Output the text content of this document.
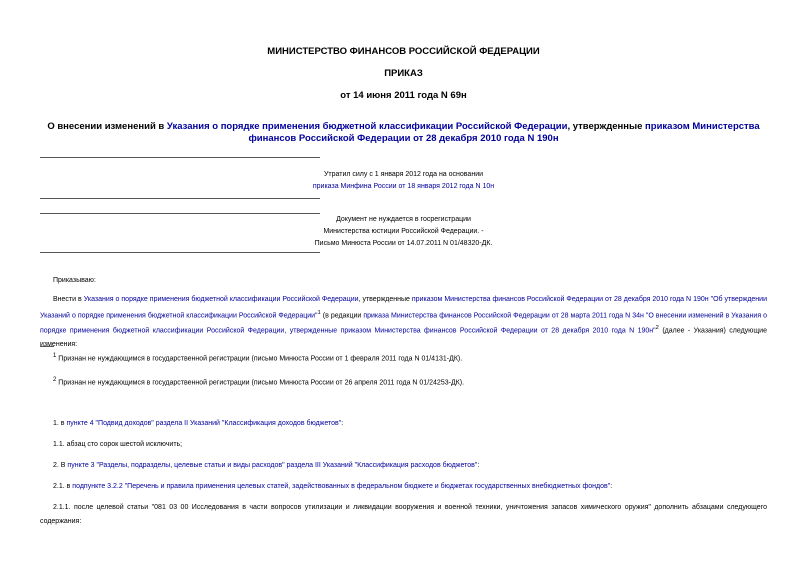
МИНИСТЕРСТВО ФИНАНСОВ РОССИЙСКОЙ ФЕДЕРАЦИИ
ПРИКАЗ
от 14 июня 2011 года N 69н
О внесении изменений в Указания о порядке применения бюджетной классификации Российской Федерации, утвержденные приказом Министерства финансов Российской Федерации от 28 декабря 2010 года N 190н
Утратил силу с 1 января 2012 года на основании
приказа Минфина России от 18 января 2012 года N 10н
Документ не нуждается в госрегистрации
Министерства юстиции Российской Федерации. -
Письмо Минюста России от 14.07.2011 N 01/48320-ДК.
Приказываю:
Внести в Указания о порядке применения бюджетной классификации Российской Федерации, утвержденные приказом Министерства финансов Российской Федерации от 28 декабря 2010 года N 190н "Об утверждении Указаний о порядке применения бюджетной классификации Российской Федерации"$^1$ (в редакции приказа Министерства финансов Российской Федерации от 28 марта 2011 года N 34н "О внесении изменений в Указания о порядке применения бюджетной классификации Российской Федерации, утвержденные приказом Министерства финансов Российской Федерации от 28 декабря 2010 года N 190н"$^2$ (далее - Указания) следующие изменения:
$^1$ Признан не нуждающимся в государственной регистрации (письмо Минюста России от 1 февраля 2011 года N 01/4131-ДК).
$^2$ Признан не нуждающимся в государственной регистрации (письмо Минюста России от 26 апреля 2011 года N 01/24253-ДК).
1. в пункте 4 "Подвид доходов" раздела II Указаний "Классификация доходов бюджетов":
1.1. абзац сто сорок шестой исключить;
2. В пункте 3 "Разделы, подразделы, целевые статьи и виды расходов" раздела III Указаний "Классификация расходов бюджетов":
2.1. в подпункте 3.2.2 "Перечень и правила применения целевых статей, задействованных в федеральном бюджете и бюджетах государственных внебюджетных фондов":
2.1.1. после целевой статьи "081 03 00 Исследования в части вопросов утилизации и ликвидации вооружения и военной техники, уничтожения запасов химического оружия" дополнить абзацами следующего содержания:
